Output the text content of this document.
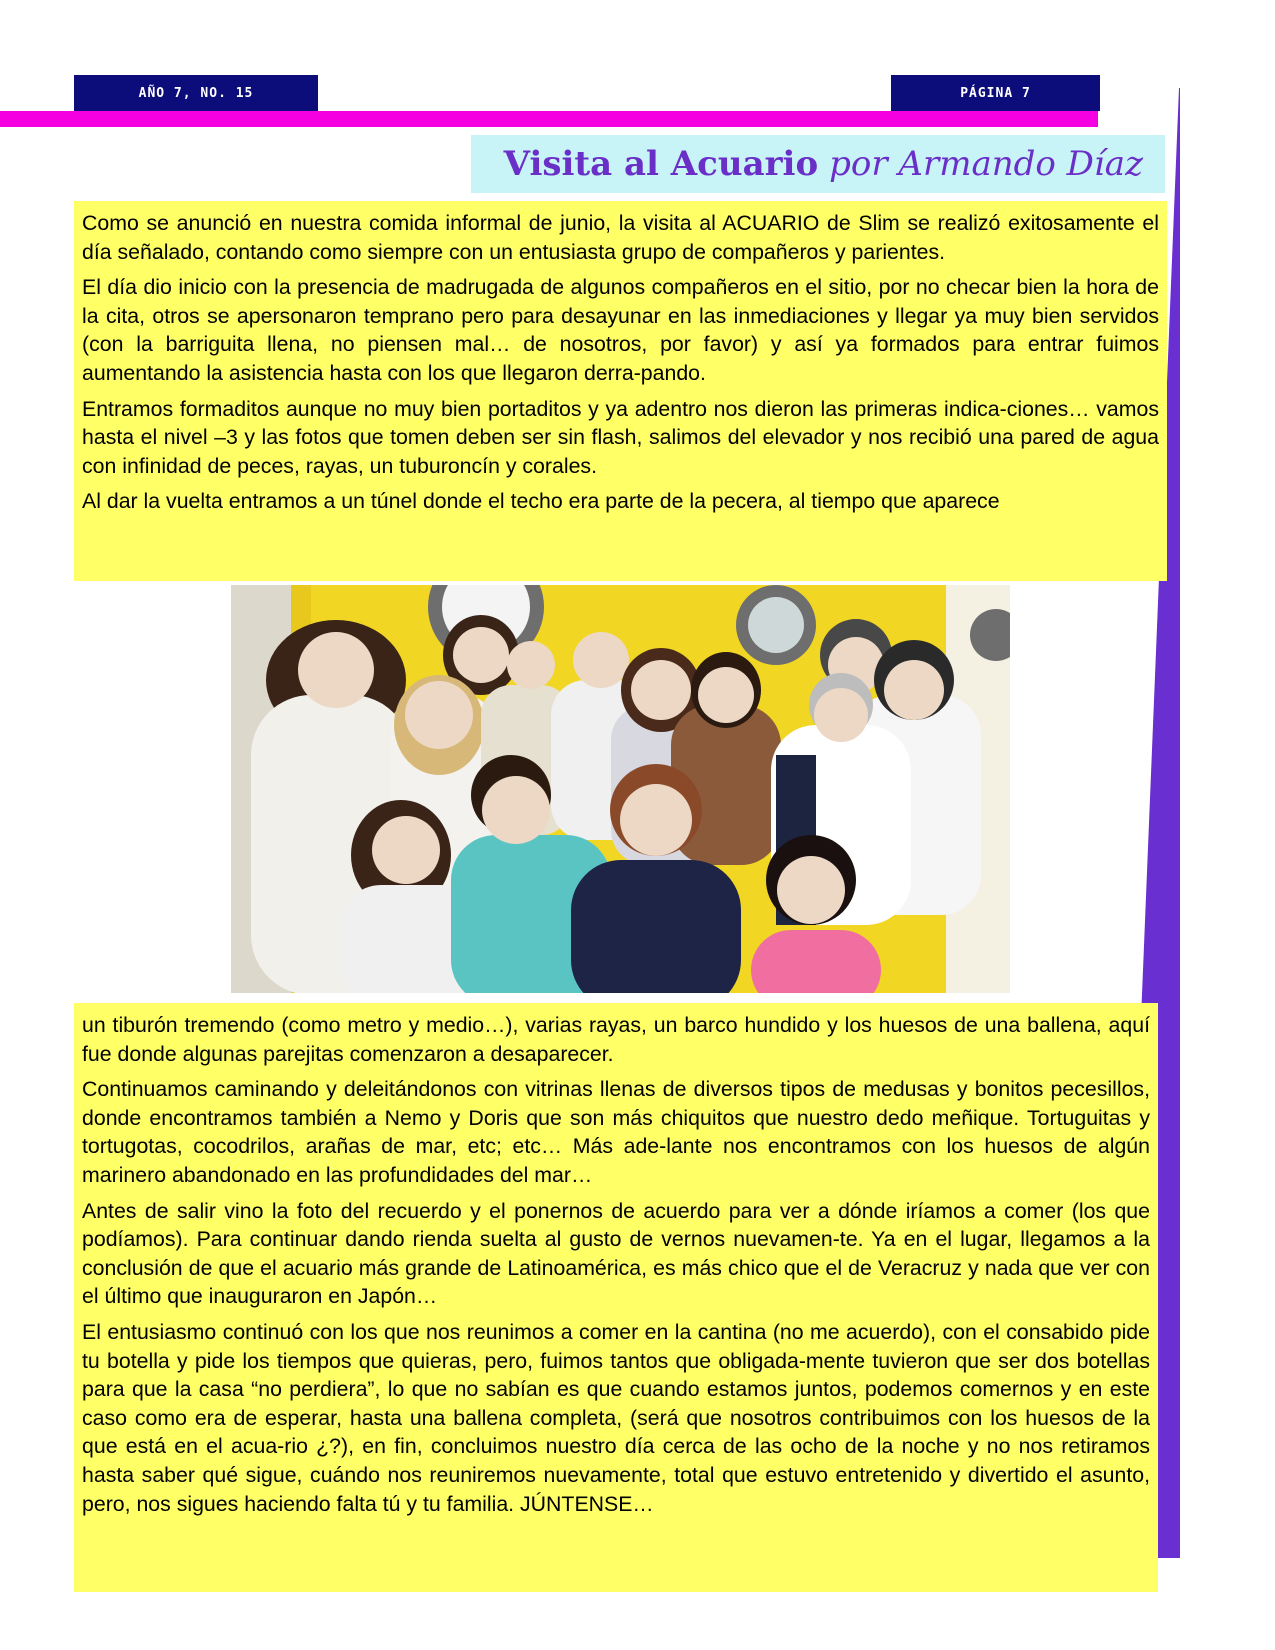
AÑO 7, NO. 15	PÁGINA 7
Visita al Acuario por Armando Díaz

Como se anunció en nuestra comida informal de junio, la visita al ACUARIO de Slim se realizó exitosamente el día señalado, contando como siempre con un entusiasta grupo de compañeros y parientes.

El día dio inicio con la presencia de madrugada de algunos compañeros en el sitio, por no checar bien la hora de la cita, otros se apersonaron temprano pero para desayunar en las inmediaciones y llegar ya muy bien servidos (con la barriguita llena, no piensen mal… de nosotros, por favor) y así ya formados para entrar fuimos aumentando la asistencia hasta con los que llegaron derra-pando.

Entramos formaditos aunque no muy bien portaditos y ya adentro nos dieron las primeras indica-ciones… vamos hasta el nivel –3 y las fotos que tomen deben ser sin flash, salimos del elevador y nos recibió una pared de agua con infinidad de peces, rayas, un tuburoncín y corales.

Al dar la vuelta entramos a un túnel donde el techo era parte de la pecera, al tiempo que aparece

un tiburón tremendo (como metro y medio…), varias rayas, un barco hundido y los huesos de una ballena, aquí fue donde algunas parejitas comenzaron a desaparecer.

Continuamos caminando y deleitándonos con vitrinas llenas de diversos tipos de medusas y bonitos pecesillos, donde encontramos también a Nemo y Doris que son más chiquitos que nuestro dedo meñique. Tortuguitas y tortugotas, cocodrilos, arañas de mar, etc; etc… Más ade-lante nos encontramos con los huesos de algún marinero abandonado en las profundidades del mar…

Antes de salir vino la foto del recuerdo y el ponernos de acuerdo para ver a dónde iríamos a comer (los que podíamos). Para continuar dando rienda suelta al gusto de vernos nuevamen-te. Ya en el lugar, llegamos a la conclusión de que el acuario más grande de Latinoamérica, es más chico que el de Veracruz y nada que ver con el último que inauguraron en Japón…

El entusiasmo continuó con los que nos reunimos a comer en la cantina (no me acuerdo), con el consabido pide tu botella y pide los tiempos que quieras, pero, fuimos tantos que obligada-mente tuvieron que ser dos botellas para que la casa “no perdiera”, lo que no sabían es que cuando estamos juntos, podemos comernos y en este caso como era de esperar, hasta una ballena completa, (será que nosotros contribuimos con los huesos de la que está en el acua-rio ¿?), en fin, concluimos nuestro día cerca de las ocho de la noche y no nos retiramos hasta saber qué sigue, cuándo nos reuniremos nuevamente, total que estuvo entretenido y divertido el asunto, pero, nos sigues haciendo falta tú y tu familia. JÚNTENSE…
